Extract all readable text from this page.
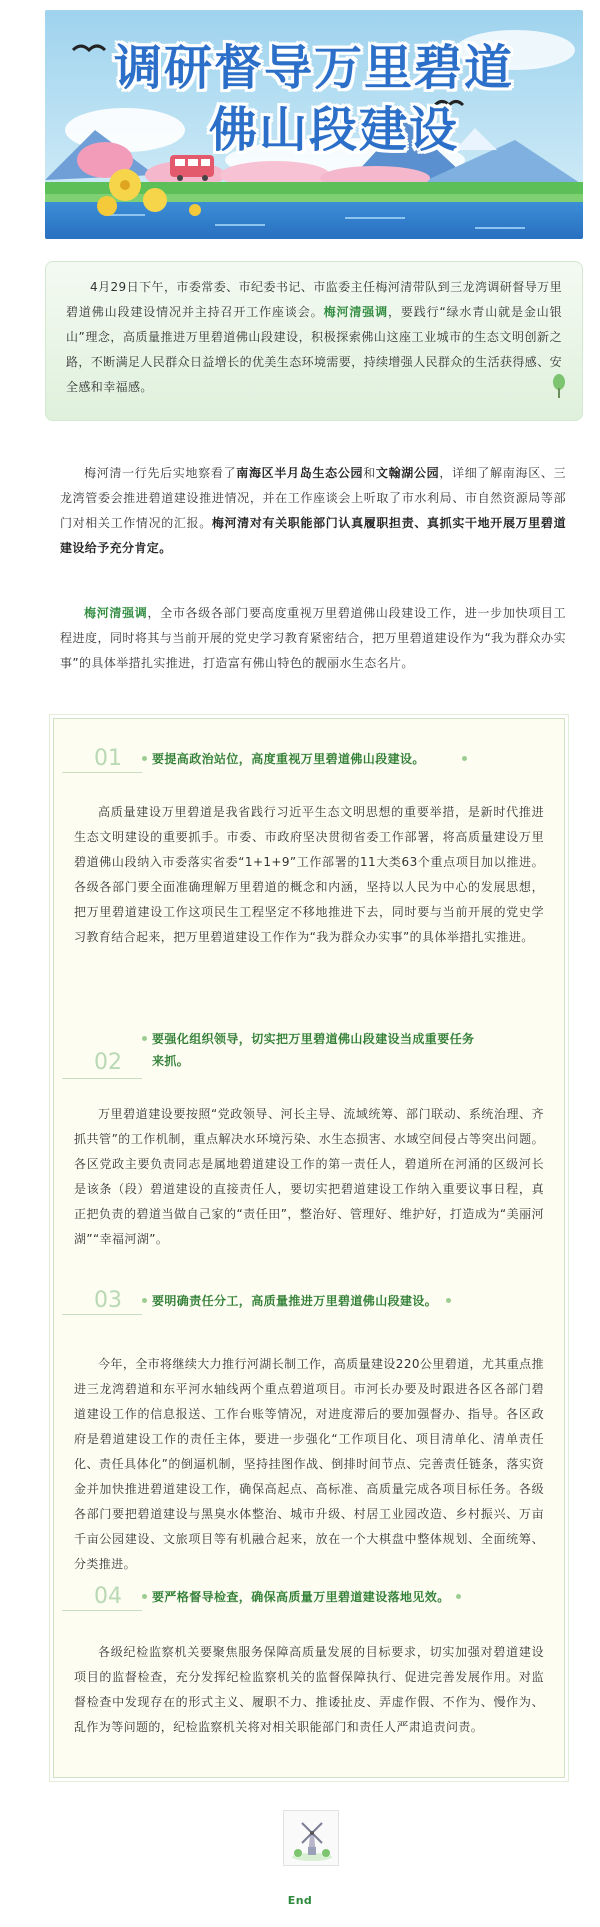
调研督导万里碧道
佛山段建设

4月29日下午，市委常委、市纪委书记、市监委主任梅河清带队到三龙湾调研督导万里碧道佛山段建设情况并主持召开工作座谈会。梅河清强调，要践行“绿水青山就是金山银山”理念，高质量推进万里碧道佛山段建设，积极探索佛山这座工业城市的生态文明创新之路，不断满足人民群众日益增长的优美生态环境需要，持续增强人民群众的生活获得感、安全感和幸福感。

梅河清一行先后实地察看了南海区半月岛生态公园和文翰湖公园，详细了解南海区、三龙湾管委会推进碧道建设推进情况，并在工作座谈会上听取了市水利局、市自然资源局等部门对相关工作情况的汇报。梅河清对有关职能部门认真履职担责、真抓实干地开展万里碧道建设给予充分肯定。

梅河清强调，全市各级各部门要高度重视万里碧道佛山段建设工作，进一步加快项目工程进度，同时将其与当前开展的党史学习教育紧密结合，把万里碧道建设作为“我为群众办实事”的具体举措扎实推进，打造富有佛山特色的靓丽水生态名片。

01	要提高政治站位，高度重视万里碧道佛山段建设。

高质量建设万里碧道是我省践行习近平生态文明思想的重要举措，是新时代推进生态文明建设的重要抓手。市委、市政府坚决贯彻省委工作部署，将高质量建设万里碧道佛山段纳入市委落实省委“1+1+9”工作部署的11大类63个重点项目加以推进。各级各部门要全面准确理解万里碧道的概念和内涵，坚持以人民为中心的发展思想，把万里碧道建设工作这项民生工程坚定不移地推进下去，同时要与当前开展的党史学习教育结合起来，把万里碧道建设工作作为“我为群众办实事”的具体举措扎实推进。

要强化组织领导，切实把万里碧道佛山段建设当成重要任务来抓。
02

万里碧道建设要按照“党政领导、河长主导、流域统筹、部门联动、系统治理、齐抓共管”的工作机制，重点解决水环境污染、水生态损害、水域空间侵占等突出问题。各区党政主要负责同志是属地碧道建设工作的第一责任人，碧道所在河涌的区级河长是该条（段）碧道建设的直接责任人，要切实把碧道建设工作纳入重要议事日程，真正把负责的碧道当做自己家的“责任田”，整治好、管理好、维护好，打造成为“美丽河湖”“幸福河湖”。

03	要明确责任分工，高质量推进万里碧道佛山段建设。

今年，全市将继续大力推行河湖长制工作，高质量建设220公里碧道，尤其重点推进三龙湾碧道和东平河水轴线两个重点碧道项目。市河长办要及时跟进各区各部门碧道建设工作的信息报送、工作台账等情况，对进度滞后的要加强督办、指导。各区政府是碧道建设工作的责任主体，要进一步强化“工作项目化、项目清单化、清单责任化、责任具体化”的倒逼机制，坚持挂图作战、倒排时间节点、完善责任链条，落实资金并加快推进碧道建设工作，确保高起点、高标准、高质量完成各项目标任务。各级各部门要把碧道建设与黑臭水体整治、城市升级、村居工业园改造、乡村振兴、万亩千亩公园建设、文旅项目等有机融合起来，放在一个大棋盘中整体规划、全面统筹、分类推进。

04	要严格督导检查，确保高质量万里碧道建设落地见效。

各级纪检监察机关要聚焦服务保障高质量发展的目标要求，切实加强对碧道建设项目的监督检查，充分发挥纪检监察机关的监督保障执行、促进完善发展作用。对监督检查中发现存在的形式主义、履职不力、推诿扯皮、弄虚作假、不作为、慢作为、乱作为等问题的，纪检监察机关将对相关职能部门和责任人严肃追责问责。

End
